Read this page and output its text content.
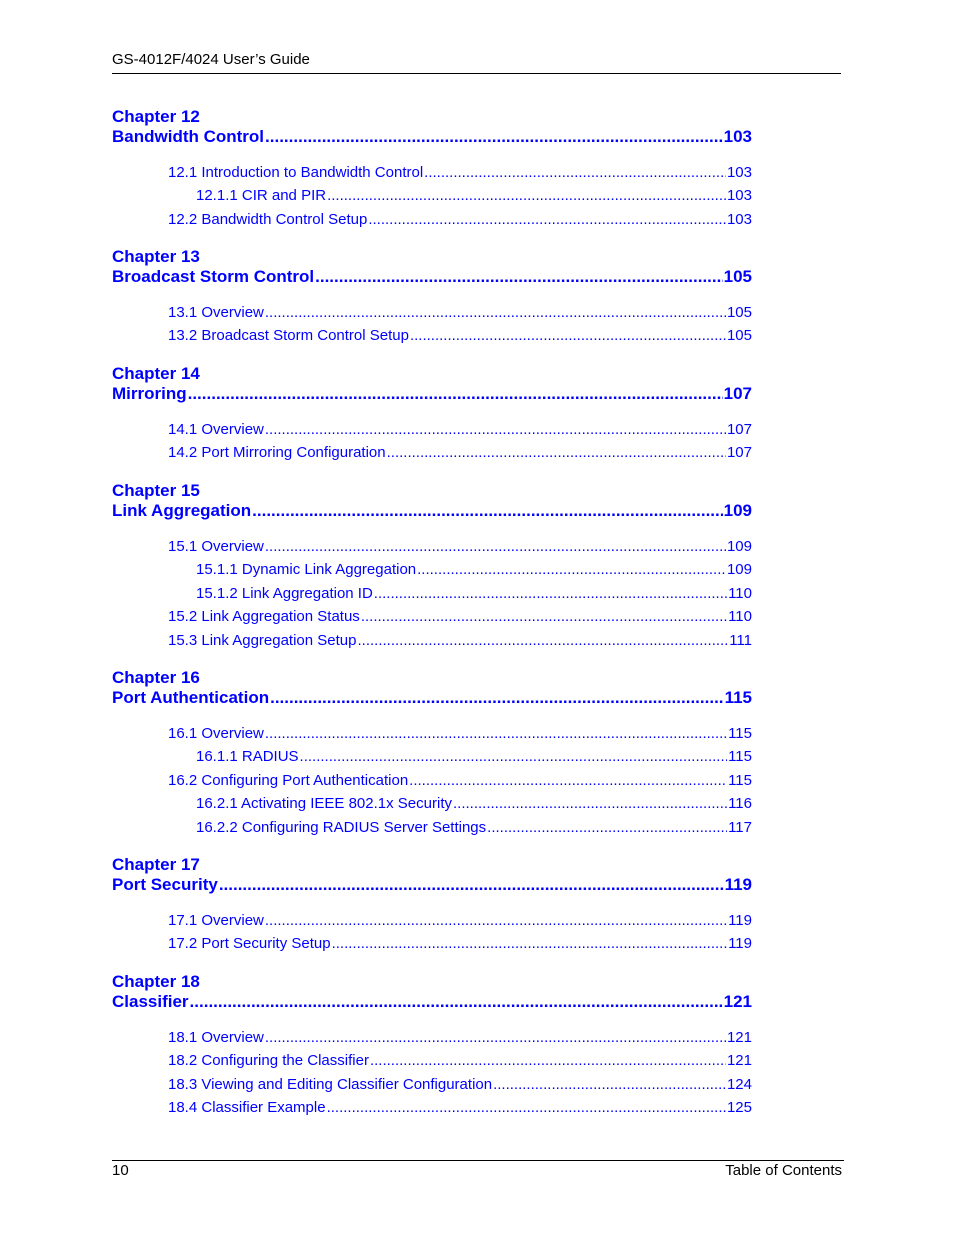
GS-4012F/4024 User’s Guide
Chapter 12
Bandwidth Control .....	103
12.1 Introduction to Bandwidth Control .....	103
12.1.1 CIR and PIR .....	103
12.2 Bandwidth Control Setup .....	103
Chapter 13
Broadcast Storm Control .....	105
13.1 Overview .....	105
13.2 Broadcast Storm Control Setup .....	105
Chapter 14
Mirroring .....	107
14.1 Overview .....	107
14.2 Port Mirroring Configuration .....	107
Chapter 15
Link Aggregation .....	109
15.1 Overview .....	109
15.1.1 Dynamic Link Aggregation .....	109
15.1.2 Link Aggregation ID .....	110
15.2 Link Aggregation Status .....	110
15.3 Link Aggregation Setup .....	111
Chapter 16
Port Authentication .....	115
16.1 Overview .....	115
16.1.1 RADIUS .....	115
16.2 Configuring Port Authentication .....	115
16.2.1 Activating IEEE 802.1x Security .....	116
16.2.2 Configuring RADIUS Server Settings .....	117
Chapter 17
Port Security .....	119
17.1 Overview .....	119
17.2 Port Security Setup .....	119
Chapter 18
Classifier .....	121
18.1 Overview .....	121
18.2 Configuring the Classifier .....	121
18.3 Viewing and Editing Classifier Configuration .....	124
18.4 Classifier Example .....	125
10	Table of Contents
